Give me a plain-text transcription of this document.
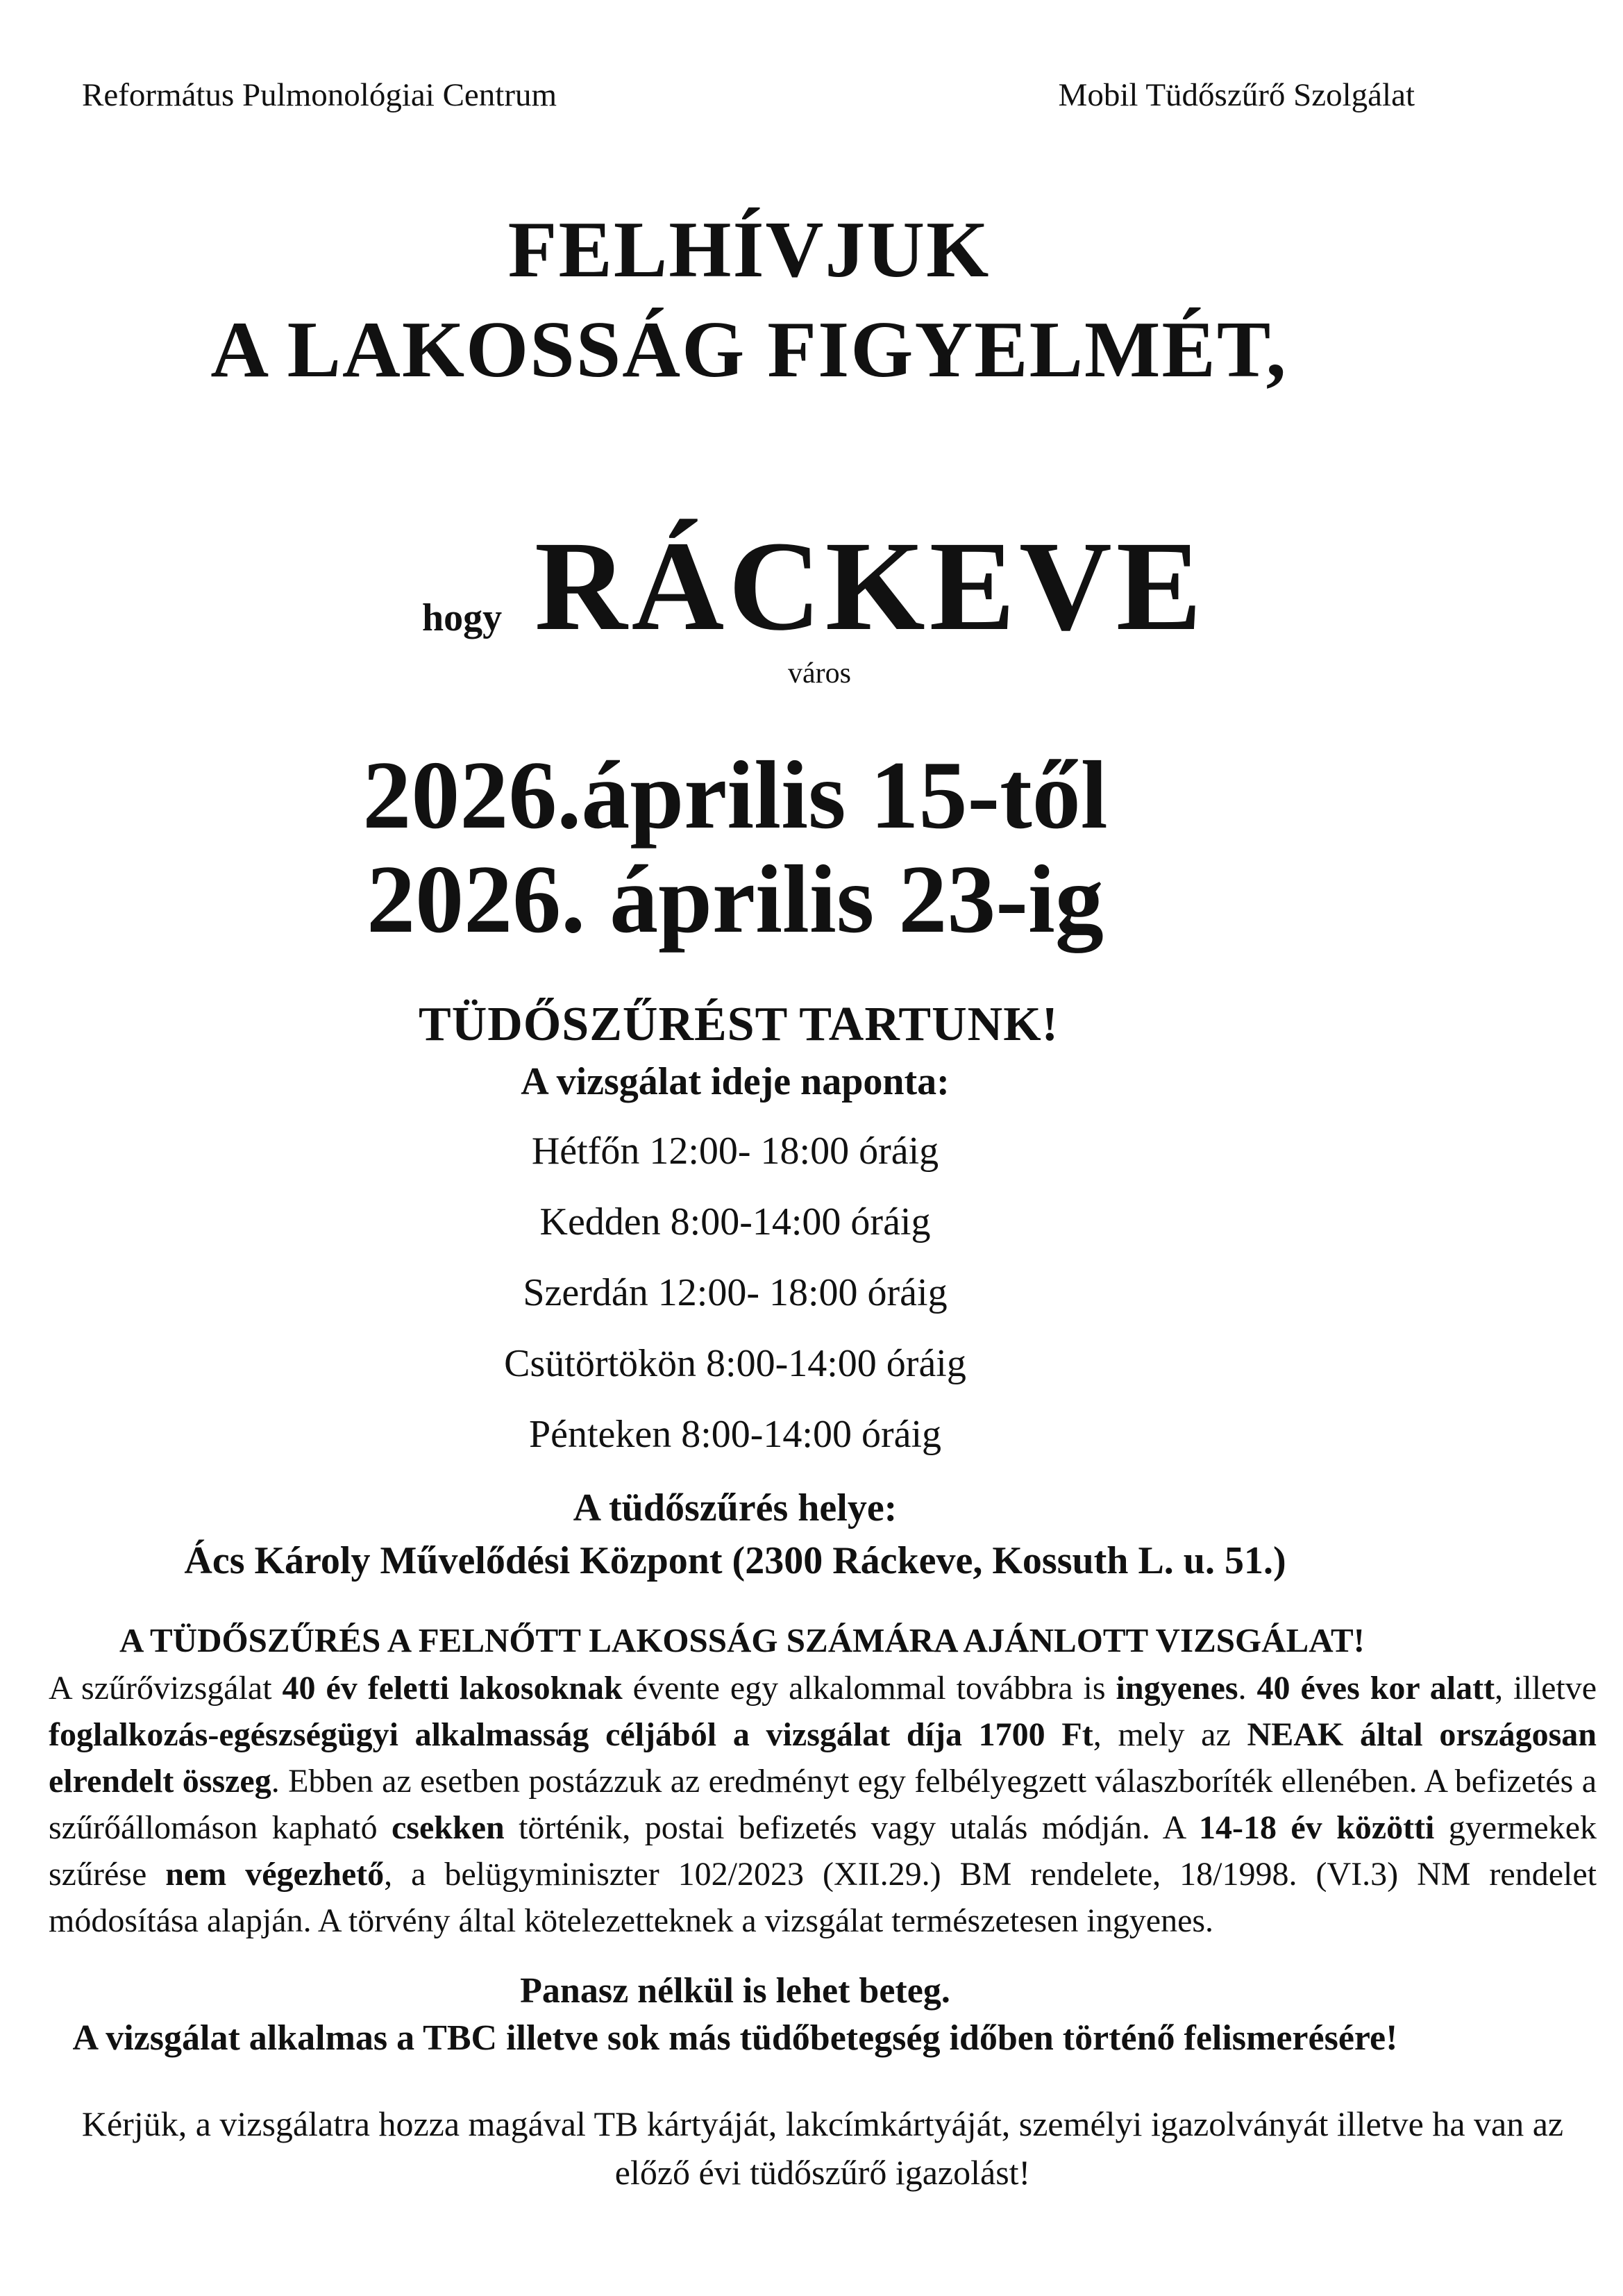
Református Pulmonológiai Centrum	Mobil Tüdőszűrő Szolgálat
FELHÍVJUK
A LAKOSSÁG FIGYELMÉT,
hogy RÁCKEVE
város
2026.április 15-től
2026. április 23-ig
TÜDŐSZŰRÉST TARTUNK!
A vizsgálat ideje naponta:
Hétfőn 12:00- 18:00 óráig
Kedden 8:00-14:00 óráig
Szerdán 12:00- 18:00 óráig
Csütörtökön 8:00-14:00 óráig
Pénteken 8:00-14:00 óráig
A tüdőszűrés helye:
Ács Károly Művelődési Központ (2300 Ráckeve, Kossuth L. u. 51.)
A TÜDŐSZŰRÉS A FELNŐTT LAKOSSÁG SZÁMÁRA AJÁNLOTT VIZSGÁLAT!
A szűrővizsgálat 40 év feletti lakosoknak évente egy alkalommal továbbra is ingyenes. 40 éves kor alatt, illetve foglalkozás-egészségügyi alkalmasság céljából a vizsgálat díja 1700 Ft, mely az NEAK által országosan elrendelt összeg. Ebben az esetben postázzuk az eredményt egy felbélyegzett válaszboríték ellenében. A befizetés a szűrőállomáson kapható csekken történik, postai befizetés vagy utalás módján. A 14-18 év közötti gyermekek szűrése nem végezhető, a belügyminiszter 102/2023 (XII.29.) BM rendelete, 18/1998. (VI.3) NM rendelet módosítása alapján. A törvény által kötelezetteknek a vizsgálat természetesen ingyenes.
Panasz nélkül is lehet beteg.
A vizsgálat alkalmas a TBC illetve sok más tüdőbetegség időben történő felismerésére!
Kérjük, a vizsgálatra hozza magával TB kártyáját, lakcímkártyáját, személyi igazolványát illetve ha van az előző évi tüdőszűrő igazolást!
